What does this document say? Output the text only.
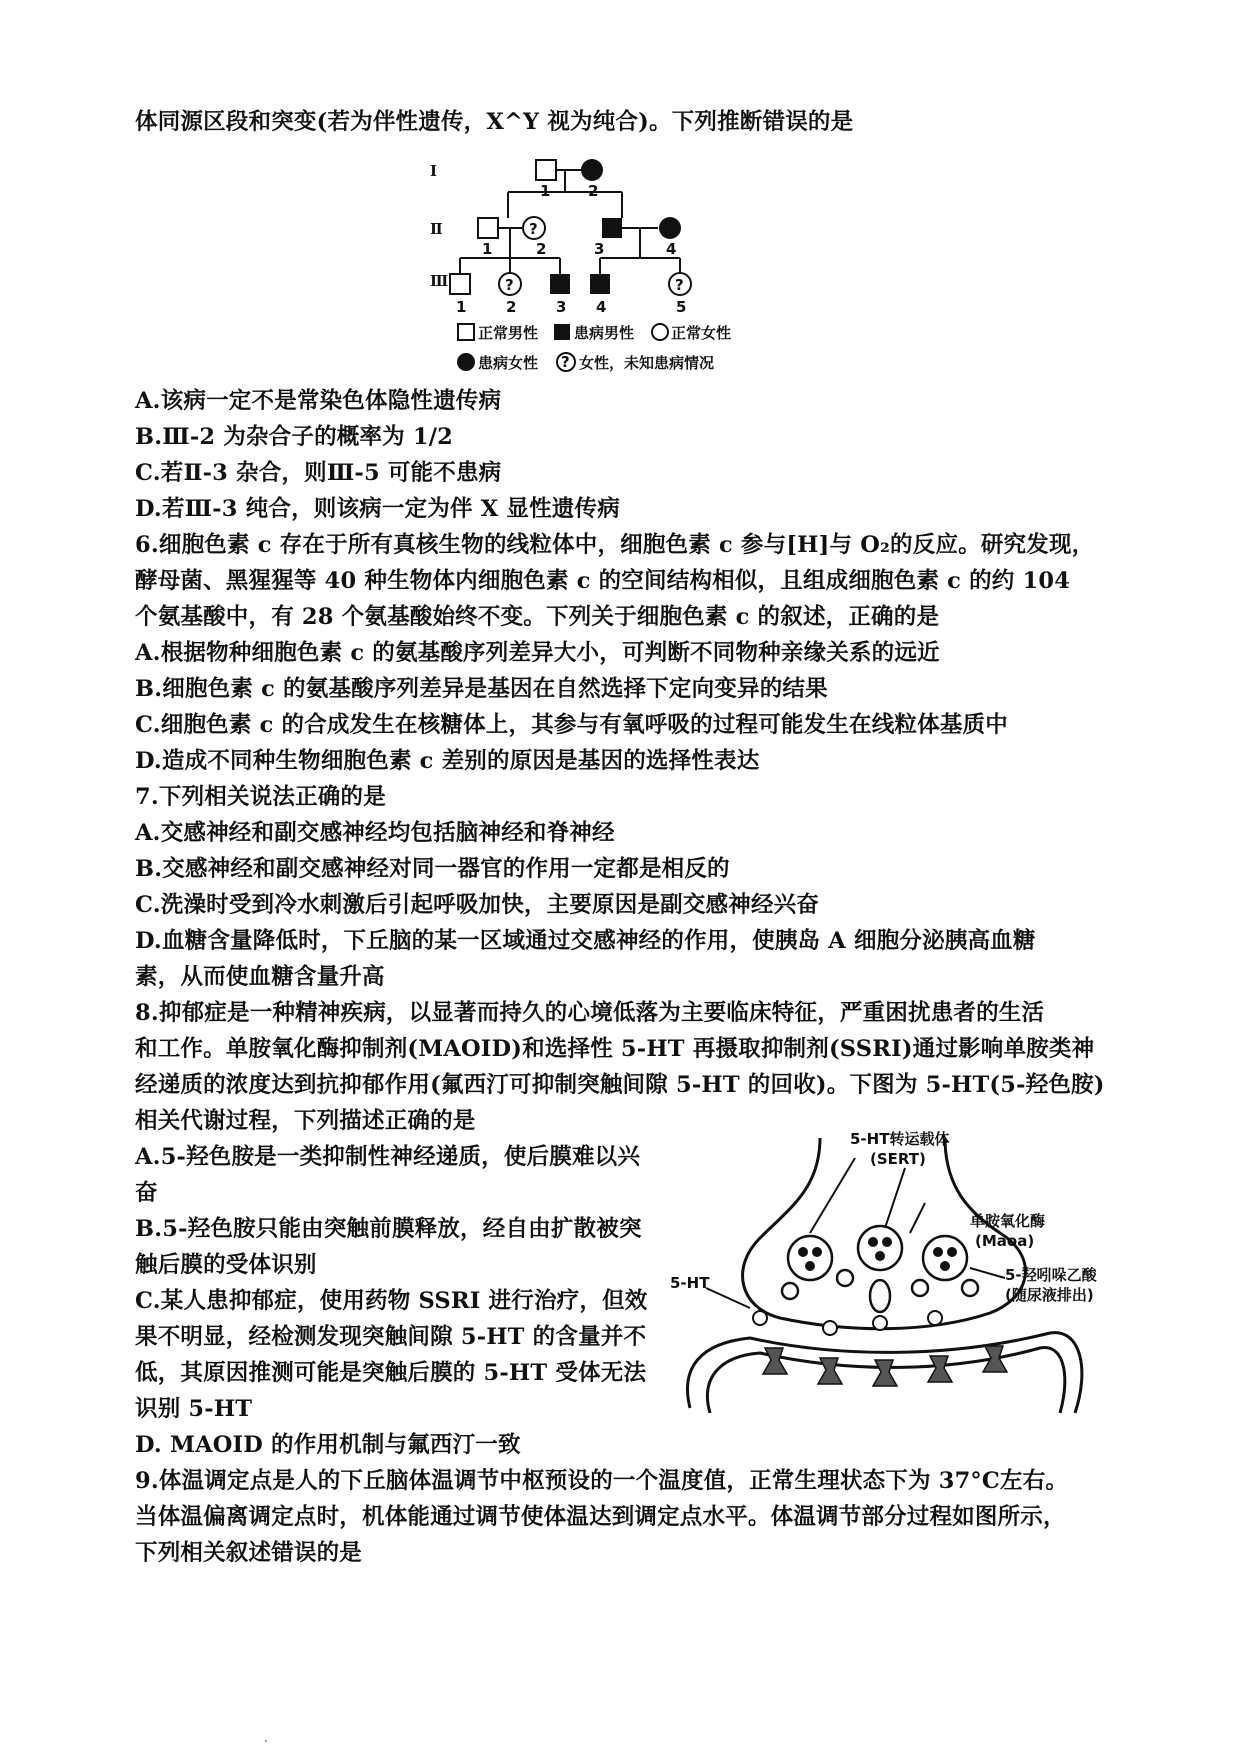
体同源区段和突变(若为伴性遗传，X^Y 视为纯合)。下列推断错误的是
Ⅰ
Ⅱ
Ⅲ
1	2
1
?
2	3	4
1
?
2	3 4
?
5
正常男性 患病男性 正常女性
患病女性 ? 女性，未知患病情况
A.该病一定不是常染色体隐性遗传病
B.Ⅲ-2 为杂合子的概率为 1/2
C.若Ⅱ-3 杂合，则Ⅲ-5 可能不患病
D.若Ⅲ-3 纯合，则该病一定为伴 X 显性遗传病
6.细胞色素 c 存在于所有真核生物的线粒体中，细胞色素 c 参与[H]与 O₂的反应。研究发现，
酵母菌、黑猩猩等 40 种生物体内细胞色素 c 的空间结构相似，且组成细胞色素 c 的约 104
个氨基酸中，有 28 个氨基酸始终不变。下列关于细胞色素 c 的叙述，正确的是
A.根据物种细胞色素 c 的氨基酸序列差异大小，可判断不同物种亲缘关系的远近
B.细胞色素 c 的氨基酸序列差异是基因在自然选择下定向变异的结果
C.细胞色素 c 的合成发生在核糖体上，其参与有氧呼吸的过程可能发生在线粒体基质中
D.造成不同种生物细胞色素 c 差别的原因是基因的选择性表达
7.下列相关说法正确的是
A.交感神经和副交感神经均包括脑神经和脊神经
B.交感神经和副交感神经对同一器官的作用一定都是相反的
C.洗澡时受到冷水刺激后引起呼吸加快，主要原因是副交感神经兴奋
D.血糖含量降低时，下丘脑的某一区域通过交感神经的作用，使胰岛 A 细胞分泌胰高血糖
素，从而使血糖含量升高
8.抑郁症是一种精神疾病，以显著而持久的心境低落为主要临床特征，严重困扰患者的生活
和工作。单胺氧化酶抑制剂(MAOID)和选择性 5-HT 再摄取抑制剂(SSRI)通过影响单胺类神
经递质的浓度达到抗抑郁作用(氟西汀可抑制突触间隙 5-HT 的回收)。下图为 5-HT(5-羟色胺)
相关代谢过程，下列描述正确的是
A.5-羟色胺是一类抑制性神经递质，使后膜难以兴奋
B.5-羟色胺只能由突触前膜释放，经自由扩散被突触后膜的受体识别
C.某人患抑郁症，使用药物 SSRI 进行治疗，但效果不明显，经检测发现突触间隙 5-HT 的含量并不低，其原因推测可能是突触后膜的 5-HT 受体无法识别 5-HT
D. MAOID 的作用机制与氟西汀一致
5-HT转运载体
(SERT)
单胺氧化酶
(Maoa)
5-HT	5-羟吲哚乙酸
(随尿液排出)
9.体温调定点是人的下丘脑体温调节中枢预设的一个温度值，正常生理状态下为 37°C左右。
当体温偏离调定点时，机体能通过调节使体温达到调定点水平。体温调节部分过程如图所示，
下列相关叙述错误的是
